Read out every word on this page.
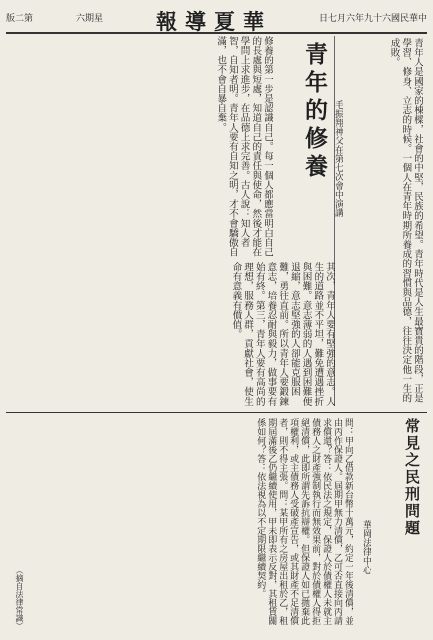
版二第	六期星	報導夏華	日七月六年九十六國民華中
青年的修養 毛振翔神父在第七次會中演講	青年人是國家的棟樑，社會的中堅，民族的希望。青年時代是人生最寶貴的階段，正是學習、修身、立志的時候。一個人在青年時期所養成的習慣與品德，往往決定他一生的成敗。
修養的第一步是認識自己。每一個人都應當明白自己的長處與短處，知道自己的責任與使命，然後才能在學問上求進步，在品德上求完善。古人說：知人者智，自知者明。青年人要有自知之明，才不會驕傲自滿，也不會自暴自棄。
其次，青年人要有堅強的意志。人生的道路並不平坦，難免遭遇挫折與困難。意志薄弱的人遇到困難便退縮，意志堅強的人卻能克服困難，勇往直前。所以青年人要鍛鍊意志，培養忍耐與毅力，做事要有始有終。第三，青年人要有高尚的理想，服務人群，貢獻社會，使生命有意義有價值。
常見之民刑問題
華岡法律中心
問：甲向乙借款新台幣十萬元，約定一年後清償，並由丙作保證人。屆期甲無力清償，乙可否直接向丙請求償還？答：依民法之規定，保證人於債權人未就主債務人之財產強制執行而無效果前，對於債權人得拒絕清償，此即所謂先訴抗辯權。但保證人如已拋棄此項權利，或主債務人受破產宣告，或其財產不足清償者，則不得主張。問：某甲所有之房屋出租於乙，租期屆滿後乙仍繼續使用，甲未即表示反對，其租賃關係如何？答：依法視為以不定期限繼續契約。
（摘自法律常識）
